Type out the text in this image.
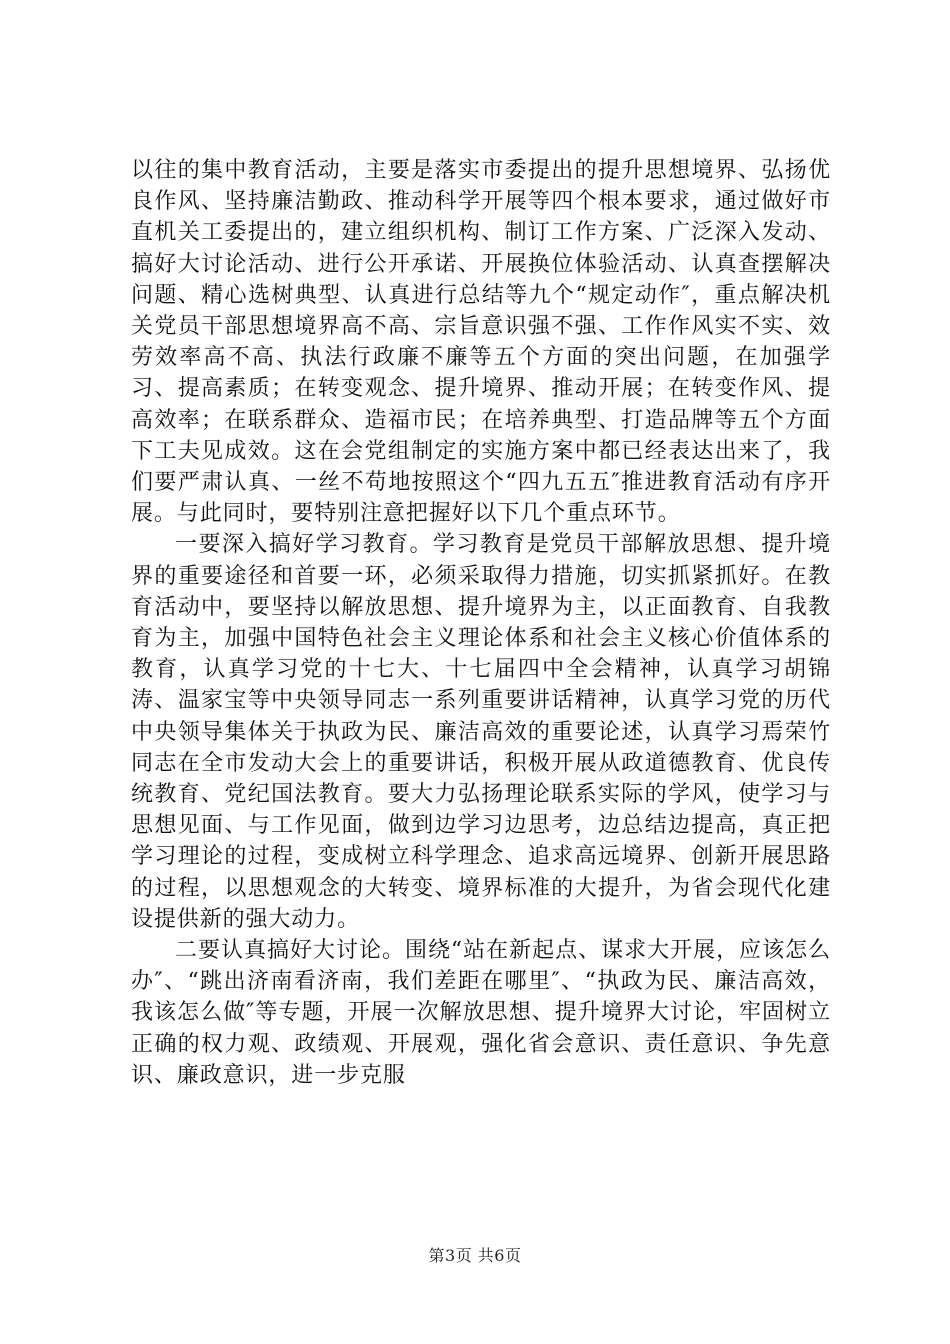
以往的集中教育活动，主要是落实市委提出的提升思想境界、弘扬优良作风、坚持廉洁勤政、推动科学开展等四个根本要求，通过做好市直机关工委提出的，建立组织机构、制订工作方案、广泛深入发动、搞好大讨论活动、进行公开承诺、开展换位体验活动、认真查摆解决问题、精心选树典型、认真进行总结等九个“规定动作″，重点解决机关党员干部思想境界高不高、宗旨意识强不强、工作作风实不实、效劳效率高不高、执法行政廉不廉等五个方面的突出问题，在加强学习、提高素质；在转变观念、提升境界、推动开展；在转变作风、提高效率；在联系群众、造福市民；在培养典型、打造品牌等五个方面下工夫见成效。这在会党组制定的实施方案中都已经表达出来了，我们要严肃认真、一丝不苟地按照这个“四九五五″推进教育活动有序开展。与此同时，要特别注意把握好以下几个重点环节。

一要深入搞好学习教育。学习教育是党员干部解放思想、提升境界的重要途径和首要一环，必须采取得力措施，切实抓紧抓好。在教育活动中，要坚持以解放思想、提升境界为主，以正面教育、自我教育为主，加强中国特色社会主义理论体系和社会主义核心价值体系的教育，认真学习党的十七大、十七届四中全会精神，认真学习胡锦涛、温家宝等中央领导同志一系列重要讲话精神，认真学习党的历代中央领导集体关于执政为民、廉洁高效的重要论述，认真学习焉荣竹同志在全市发动大会上的重要讲话，积极开展从政道德教育、优良传统教育、党纪国法教育。要大力弘扬理论联系实际的学风，使学习与思想见面、与工作见面，做到边学习边思考，边总结边提高，真正把学习理论的过程，变成树立科学理念、追求高远境界、创新开展思路的过程，以思想观念的大转变、境界标准的大提升，为省会现代化建设提供新的强大动力。

二要认真搞好大讨论。围绕“站在新起点、谋求大开展，应该怎么办″、“跳出济南看济南，我们差距在哪里″、“执政为民、廉洁高效，我该怎么做″等专题，开展一次解放思想、提升境界大讨论，牢固树立正确的权力观、政绩观、开展观，强化省会意识、责任意识、争先意识、廉政意识，进一步克服

第3页 共6页
